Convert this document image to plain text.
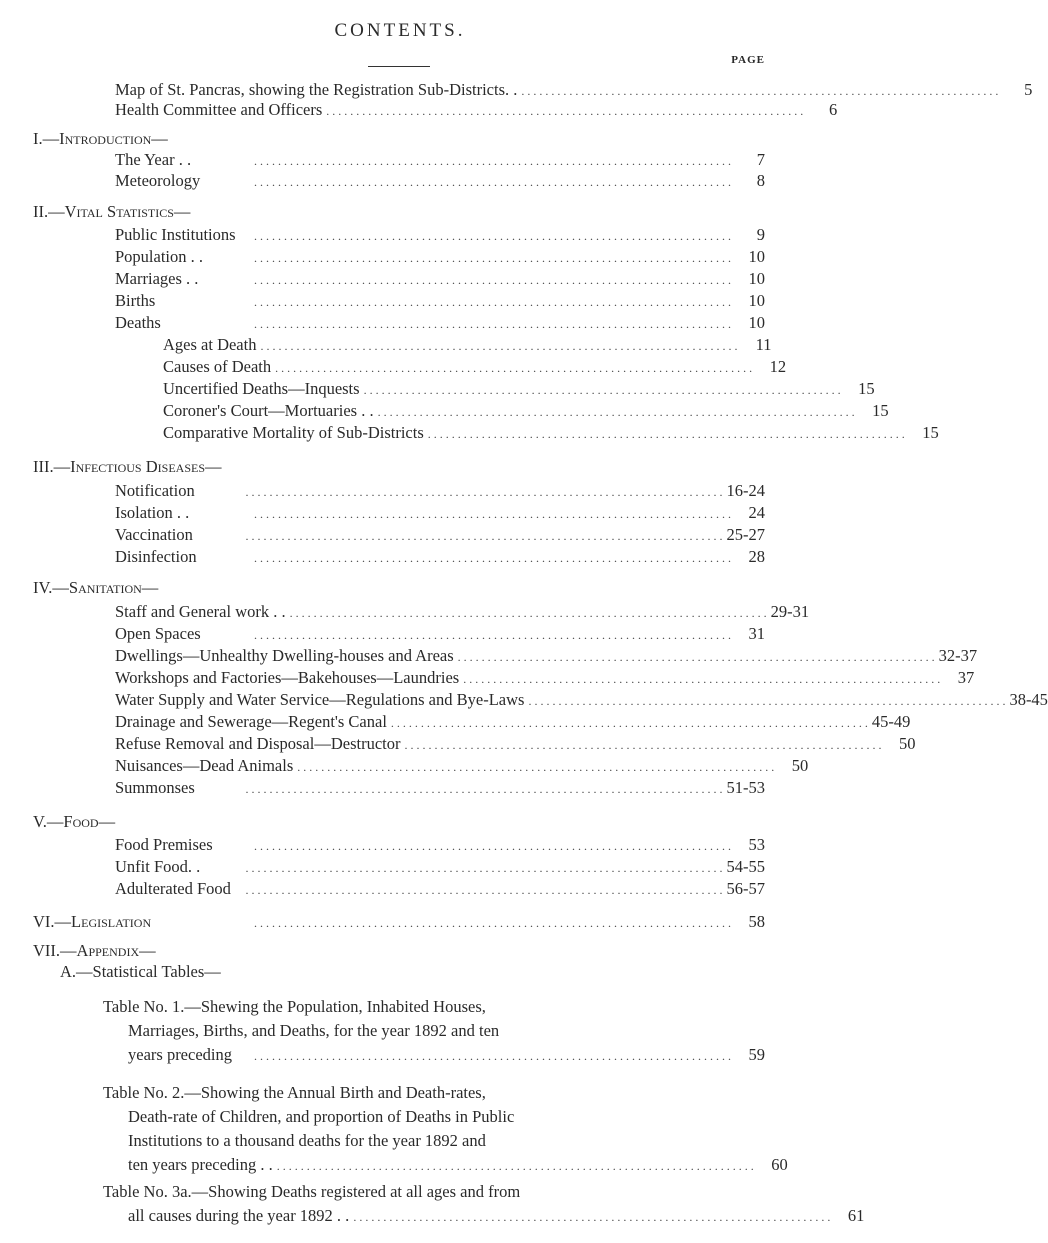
CONTENTS.
PAGE
Map of St. Pancras, showing the Registration Sub-Districts. . . . . . . . . . . . . . . . . . . . . . . . . . . . . . . . . . . . . . . . . . . . . . . . . . . . . . . . . . . . . . . . . . . . . . . . . . . . . . . . . .	5
Health Committee and Officers . . . . . . . . . . . . . . . . . . . . . . . . . . . . . . . . . . . . . . . . . . . . . . . . . . . . . . . . . . . . . . . . . . . . . . . . . . . . . . . .	6
I.—Introduction—
The Year . .	. . . . . . . . . . . . . . . . . . . . . . . . . . . . . . . . . . . . . . . . . . . . . . . . . . . . . . . . . . . . . . . . . . . . . . . . . . . . . . . .	7
Meteorology	. . . . . . . . . . . . . . . . . . . . . . . . . . . . . . . . . . . . . . . . . . . . . . . . . . . . . . . . . . . . . . . . . . . . . . . . . . . . . . . .	8
II.—Vital Statistics—
Public Institutions	. . . . . . . . . . . . . . . . . . . . . . . . . . . . . . . . . . . . . . . . . . . . . . . . . . . . . . . . . . . . . . . . . . . . . . . . . . . . . . . .	9
Population . .	. . . . . . . . . . . . . . . . . . . . . . . . . . . . . . . . . . . . . . . . . . . . . . . . . . . . . . . . . . . . . . . . . . . . . . . . . . . . . . . .	10
Marriages . .	. . . . . . . . . . . . . . . . . . . . . . . . . . . . . . . . . . . . . . . . . . . . . . . . . . . . . . . . . . . . . . . . . . . . . . . . . . . . . . . .	10
Births	. . . . . . . . . . . . . . . . . . . . . . . . . . . . . . . . . . . . . . . . . . . . . . . . . . . . . . . . . . . . . . . . . . . . . . . . . . . . . . . .	10
Deaths	. . . . . . . . . . . . . . . . . . . . . . . . . . . . . . . . . . . . . . . . . . . . . . . . . . . . . . . . . . . . . . . . . . . . . . . . . . . . . . . .	10
Ages at Death . . . . . . . . . . . . . . . . . . . . . . . . . . . . . . . . . . . . . . . . . . . . . . . . . . . . . . . . . . . . . . . . . . . . . . . . . . . . . . . .	11
Causes of Death . . . . . . . . . . . . . . . . . . . . . . . . . . . . . . . . . . . . . . . . . . . . . . . . . . . . . . . . . . . . . . . . . . . . . . . . . . . . . . . .	12
Uncertified Deaths—Inquests . . . . . . . . . . . . . . . . . . . . . . . . . . . . . . . . . . . . . . . . . . . . . . . . . . . . . . . . . . . . . . . . . . . . . . . . . . . . . . . .	15
Coroner's Court—Mortuaries . . . . . . . . . . . . . . . . . . . . . . . . . . . . . . . . . . . . . . . . . . . . . . . . . . . . . . . . . . . . . . . . . . . . . . . . . . . . . . . . . .	15
Comparative Mortality of Sub-Districts . . . . . . . . . . . . . . . . . . . . . . . . . . . . . . . . . . . . . . . . . . . . . . . . . . . . . . . . . . . . . . . . . . . . . . . . . . . . . . . .	15
III.—Infectious Diseases—
Notification	. . . . . . . . . . . . . . . . . . . . . . . . . . . . . . . . . . . . . . . . . . . . . . . . . . . . . . . . . . . . . . . . . . . . . . . . . . . . . . . . 16-24
Isolation . .	. . . . . . . . . . . . . . . . . . . . . . . . . . . . . . . . . . . . . . . . . . . . . . . . . . . . . . . . . . . . . . . . . . . . . . . . . . . . . . . .	24
Vaccination	. . . . . . . . . . . . . . . . . . . . . . . . . . . . . . . . . . . . . . . . . . . . . . . . . . . . . . . . . . . . . . . . . . . . . . . . . . . . . . . . 25-27
Disinfection	. . . . . . . . . . . . . . . . . . . . . . . . . . . . . . . . . . . . . . . . . . . . . . . . . . . . . . . . . . . . . . . . . . . . . . . . . . . . . . . .	28
IV.—Sanitation—
Staff and General work . . . . . . . . . . . . . . . . . . . . . . . . . . . . . . . . . . . . . . . . . . . . . . . . . . . . . . . . . . . . . . . . . . . . . . . . . . . . . . . . . . 29-31
Open Spaces	. . . . . . . . . . . . . . . . . . . . . . . . . . . . . . . . . . . . . . . . . . . . . . . . . . . . . . . . . . . . . . . . . . . . . . . . . . . . . . . .	31
Dwellings—Unhealthy Dwelling-houses and Areas . . . . . . . . . . . . . . . . . . . . . . . . . . . . . . . . . . . . . . . . . . . . . . . . . . . . . . . . . . . . . . . . . . . . . . . . . . . . . . . . 32-37
Workshops and Factories—Bakehouses—Laundries . . . . . . . . . . . . . . . . . . . . . . . . . . . . . . . . . . . . . . . . . . . . . . . . . . . . . . . . . . . . . . . . . . . . . . . . . . . . . . . .	37
Water Supply and Water Service—Regulations and Bye-Laws . . . . . . . . . . . . . . . . . . . . . . . . . . . . . . . . . . . . . . . . . . . . . . . . . . . . . . . . . . . . . . . . . . . . . . . . . . . . . . . . 38-45
Drainage and Sewerage—Regent's Canal . . . . . . . . . . . . . . . . . . . . . . . . . . . . . . . . . . . . . . . . . . . . . . . . . . . . . . . . . . . . . . . . . . . . . . . . . . . . . . . . 45-49
Refuse Removal and Disposal—Destructor . . . . . . . . . . . . . . . . . . . . . . . . . . . . . . . . . . . . . . . . . . . . . . . . . . . . . . . . . . . . . . . . . . . . . . . . . . . . . . . .	50
Nuisances—Dead Animals . . . . . . . . . . . . . . . . . . . . . . . . . . . . . . . . . . . . . . . . . . . . . . . . . . . . . . . . . . . . . . . . . . . . . . . . . . . . . . . .	50
Summonses	. . . . . . . . . . . . . . . . . . . . . . . . . . . . . . . . . . . . . . . . . . . . . . . . . . . . . . . . . . . . . . . . . . . . . . . . . . . . . . . . 51-53
V.—Food—
Food Premises	. . . . . . . . . . . . . . . . . . . . . . . . . . . . . . . . . . . . . . . . . . . . . . . . . . . . . . . . . . . . . . . . . . . . . . . . . . . . . . . .	53
Unfit Food. .	. . . . . . . . . . . . . . . . . . . . . . . . . . . . . . . . . . . . . . . . . . . . . . . . . . . . . . . . . . . . . . . . . . . . . . . . . . . . . . . . 54-55
Adulterated Food	. . . . . . . . . . . . . . . . . . . . . . . . . . . . . . . . . . . . . . . . . . . . . . . . . . . . . . . . . . . . . . . . . . . . . . . . . . . . . . . . 56-57
VI.—Legislation	. . . . . . . . . . . . . . . . . . . . . . . . . . . . . . . . . . . . . . . . . . . . . . . . . . . . . . . . . . . . . . . . . . . . . . . . . . . . . . . .	58
VII.—Appendix—
A.—Statistical Tables—
Table No. 1.—Shewing the Population, Inhabited Houses,
Marriages, Births, and Deaths, for the year 1892 and ten
years preceding	. . . . . . . . . . . . . . . . . . . . . . . . . . . . . . . . . . . . . . . . . . . . . . . . . . . . . . . . . . . . . . . . . . . . . . . . . . . . . . . .	59
Table No. 2.—Showing the Annual Birth and Death-rates,
Death-rate of Children, and proportion of Deaths in Public
Institutions to a thousand deaths for the year 1892 and
ten years preceding . . . . . . . . . . . . . . . . . . . . . . . . . . . . . . . . . . . . . . . . . . . . . . . . . . . . . . . . . . . . . . . . . . . . . . . . . . . . . . . . . .	60
Table No. 3a.—Showing Deaths registered at all ages and from
all causes during the year 1892 . . . . . . . . . . . . . . . . . . . . . . . . . . . . . . . . . . . . . . . . . . . . . . . . . . . . . . . . . . . . . . . . . . . . . . . . . . . . . . . . . .	61
